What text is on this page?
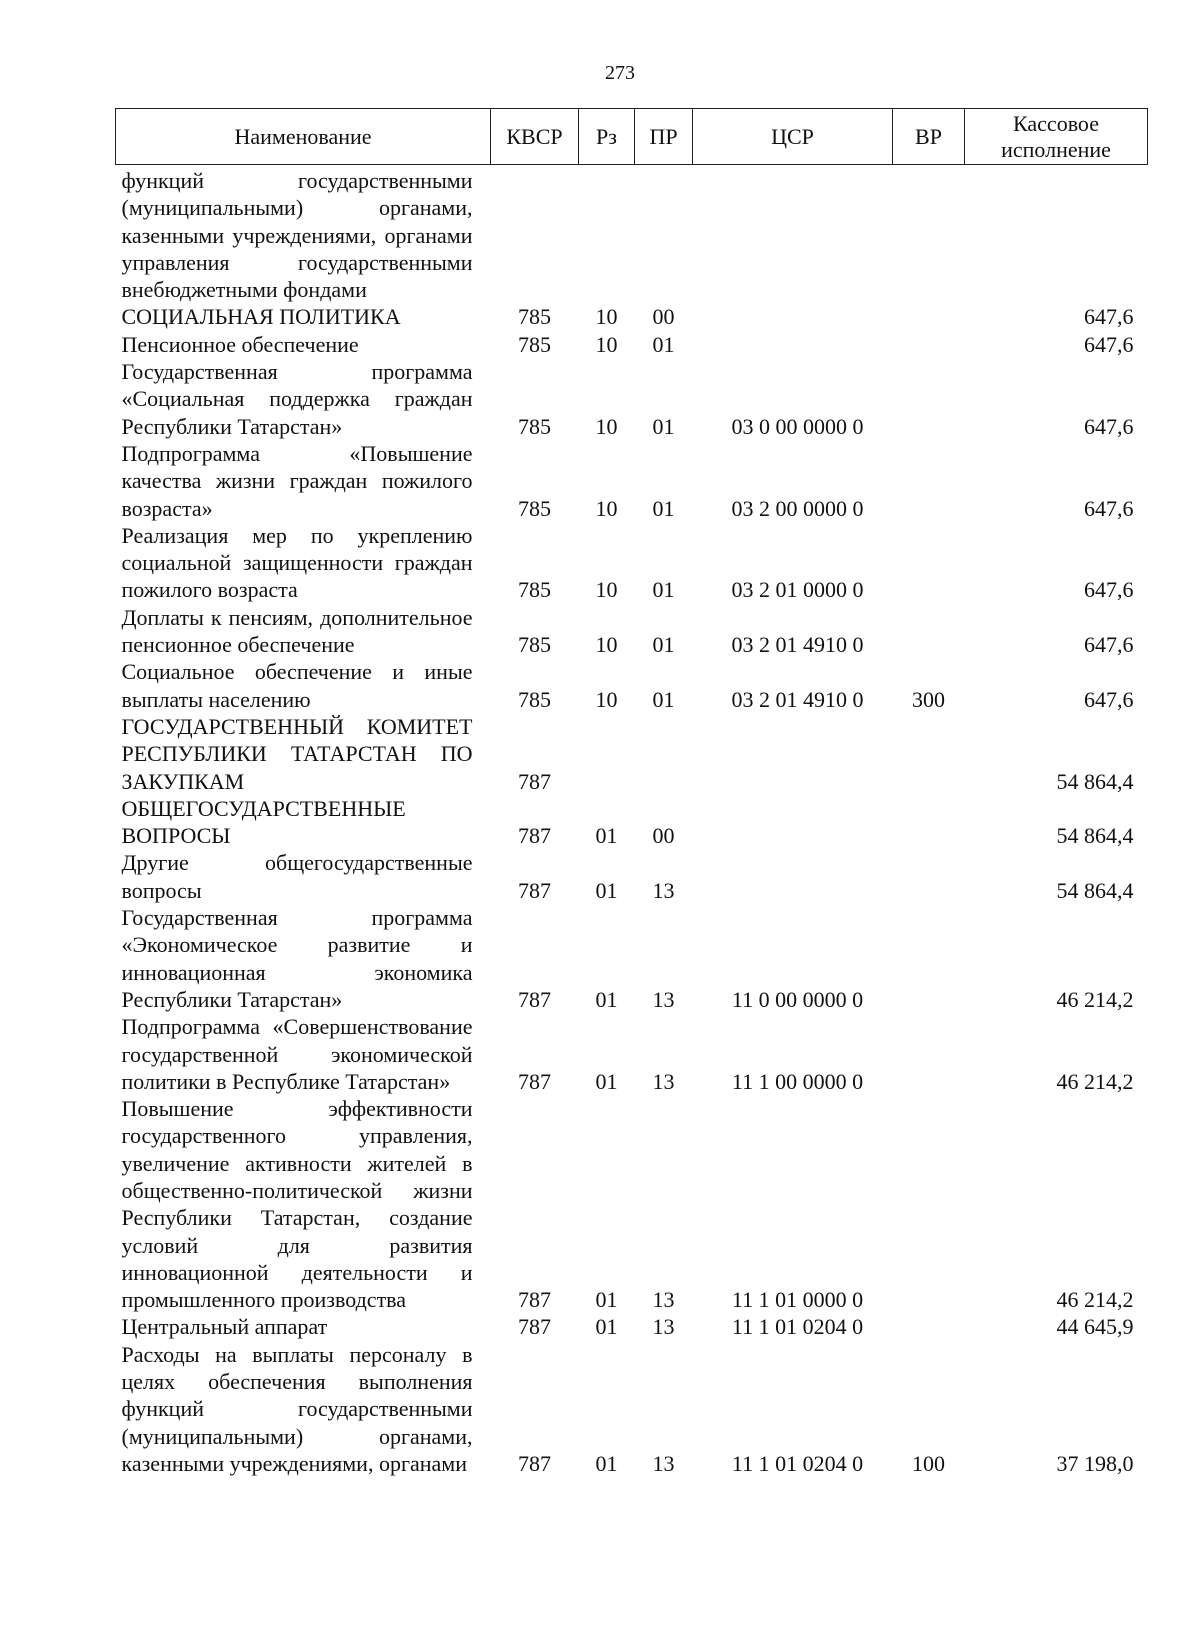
273
Наименование	КВСР	Рз	ПР	ЦСР	ВР	Кассовое исполнение
функций государственными (муниципальными) органами, казенными учреждениями, органами управления государственными внебюджетными фондами						
СОЦИАЛЬНАЯ ПОЛИТИКА	785	10	00			647,6
Пенсионное обеспечение	785	10	01			647,6
Государственная программа «Социальная поддержка граждан Республики Татарстан»	785	10	01	03 0 00 0000 0		647,6
Подпрограмма «Повышение качества жизни граждан пожилого возраста»	785	10	01	03 2 00 0000 0		647,6
Реализация мер по укреплению социальной защищенности граждан пожилого возраста	785	10	01	03 2 01 0000 0		647,6
Доплаты к пенсиям, дополнительное пенсионное обеспечение	785	10	01	03 2 01 4910 0		647,6
Социальное обеспечение и иные выплаты населению	785	10	01	03 2 01 4910 0	300	647,6
ГОСУДАРСТВЕННЫЙ КОМИТЕТ РЕСПУБЛИКИ ТАТАРСТАН ПО ЗАКУПКАМ	787					54 864,4
ОБЩЕГОСУДАРСТВЕННЫЕ ВОПРОСЫ	787	01	00			54 864,4
Другие общегосударственные вопросы	787	01	13			54 864,4
Государственная программа «Экономическое развитие и инновационная экономика Республики Татарстан»	787	01	13	11 0 00 0000 0		46 214,2
Подпрограмма «Совершенствование государственной экономической политики в Республике Татарстан»	787	01	13	11 1 00 0000 0		46 214,2
Повышение эффективности государственного управления, увеличение активности жителей в общественно-политической жизни Республики Татарстан, создание условий для развития инновационной деятельности и промышленного производства	787	01	13	11 1 01 0000 0		46 214,2
Центральный аппарат	787	01	13	11 1 01 0204 0		44 645,9
Расходы на выплаты персоналу в целях обеспечения выполнения функций государственными (муниципальными) органами, казенными учреждениями, органами	787	01	13	11 1 01 0204 0	100	37 198,0
